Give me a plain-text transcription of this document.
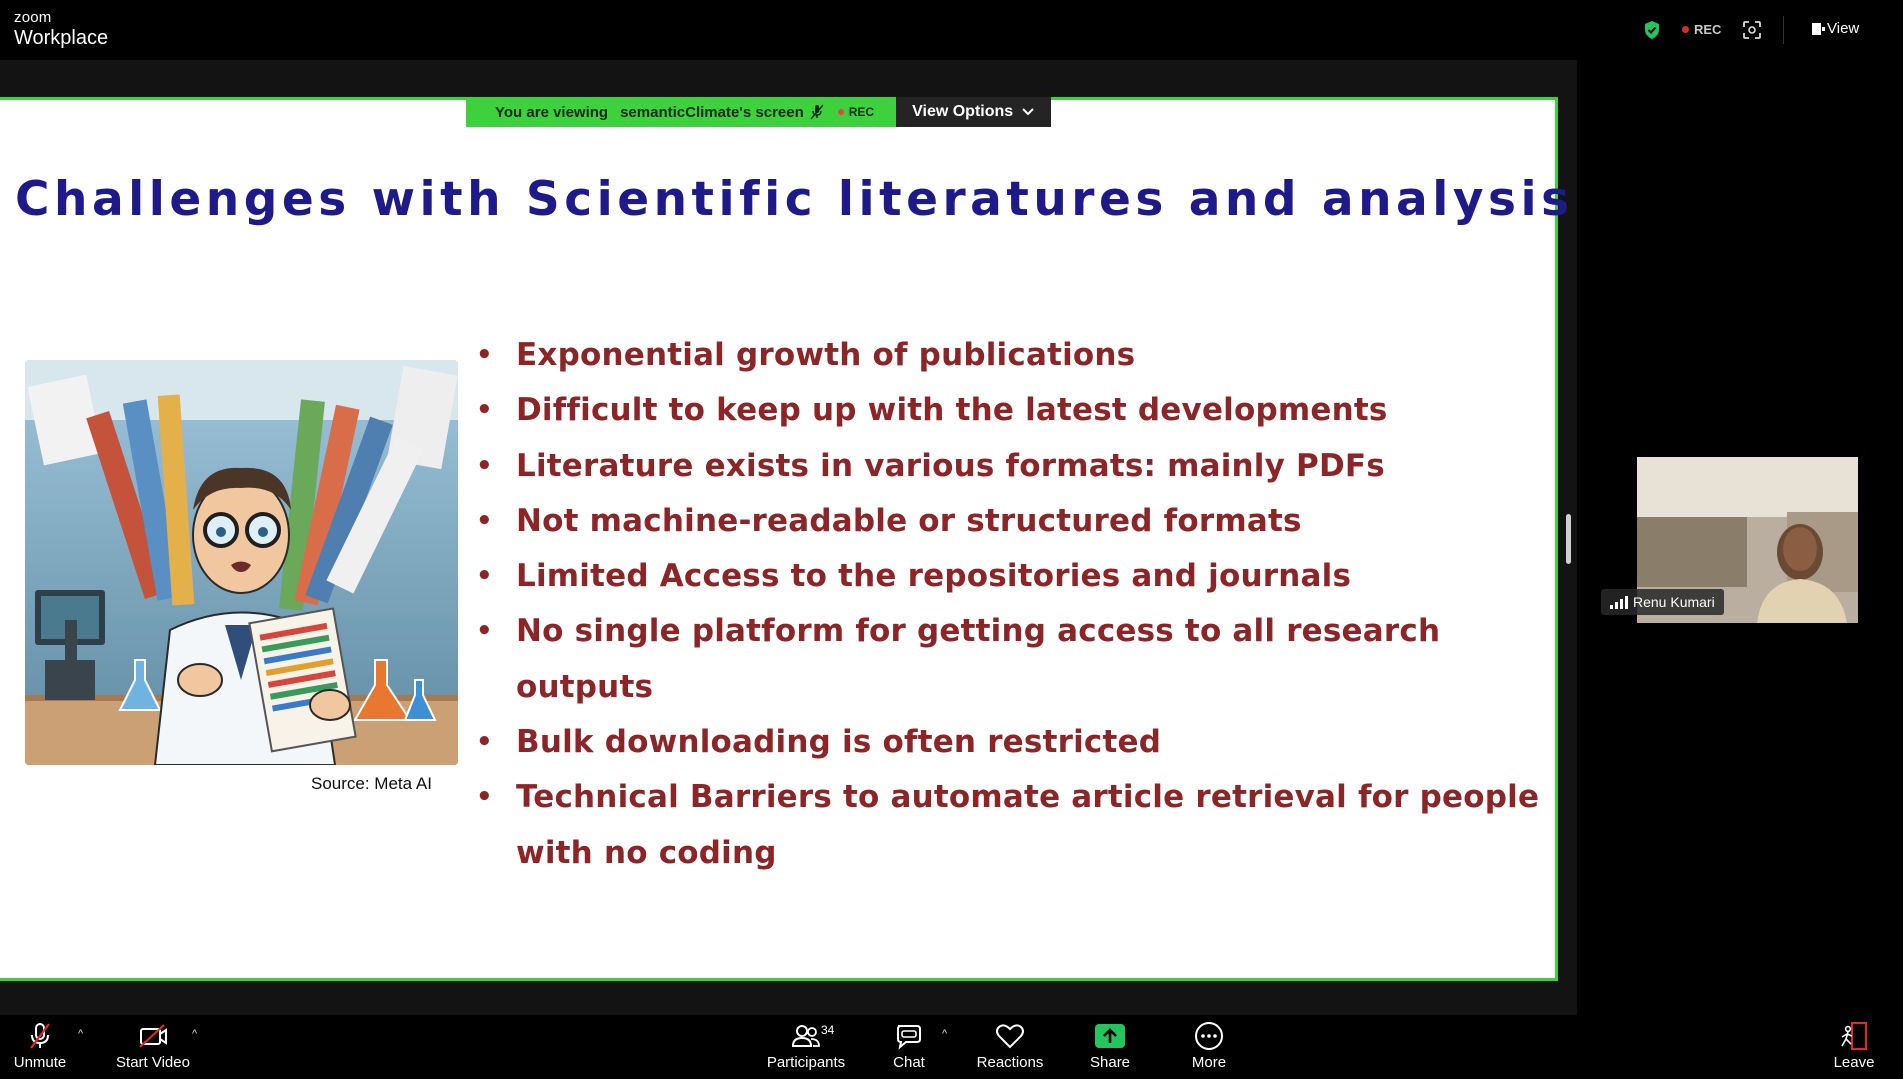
zoom
Workplace	REC	View
Challenges with Scientific literatures and analysis
Source: Meta AI
• Exponential growth of publications
• Difficult to keep up with the latest developments
• Literature exists in various formats: mainly PDFs
• Not machine-readable or structured formats
• Limited Access to the repositories and journals
• No single platform for getting access to all research outputs
• Bulk downloading is often restricted
• Technical Barriers to automate article retrieval for people with no coding
You are viewing semanticClimate's screen	REC View Options
Renu Kumari
Unmute
^
Start Video
^
Participants
34
Chat
^
Reactions	Share	More	Leave
